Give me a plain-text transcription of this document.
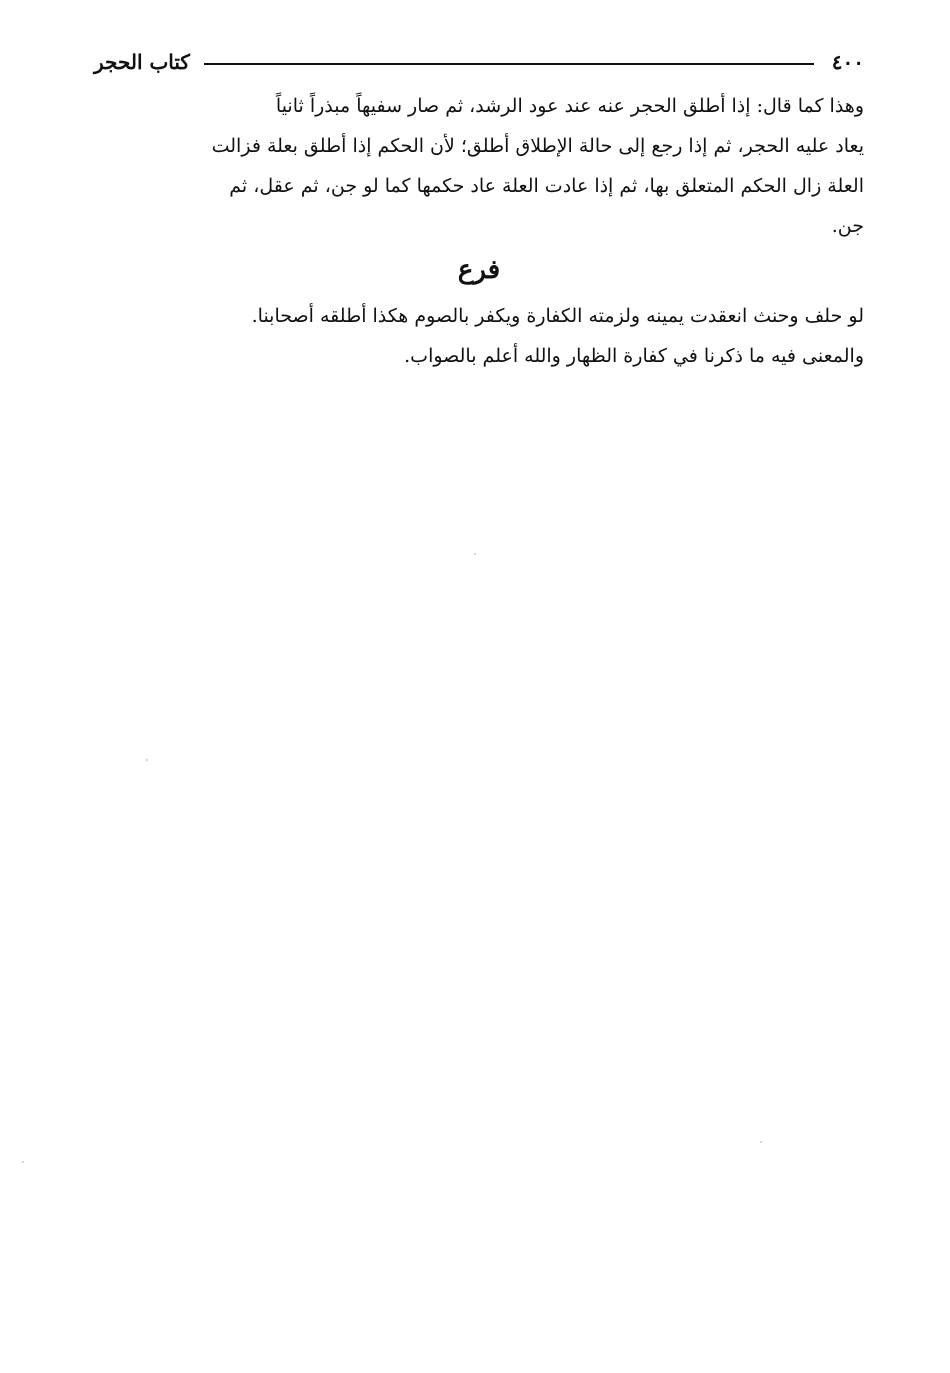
٤٠٠
كتاب الحجر
وهذا كما قال: إذا أطلق الحجر عنه عند عود الرشد، ثم صار سفيهاً مبذراً ثانياً
يعاد عليه الحجر، ثم إذا رجع إلى حالة الإطلاق أطلق؛ لأن الحكم إذا أطلق بعلة فزالت
العلة زال الحكم المتعلق بها، ثم إذا عادت العلة عاد حكمها كما لو جن، ثم عقل، ثم
جن.
فرع
لو حلف وحنث انعقدت يمينه ولزمته الكفارة ويكفر بالصوم هكذا أطلقه أصحابنا.
والمعنى فيه ما ذكرنا في كفارة الظهار والله أعلم بالصواب.
